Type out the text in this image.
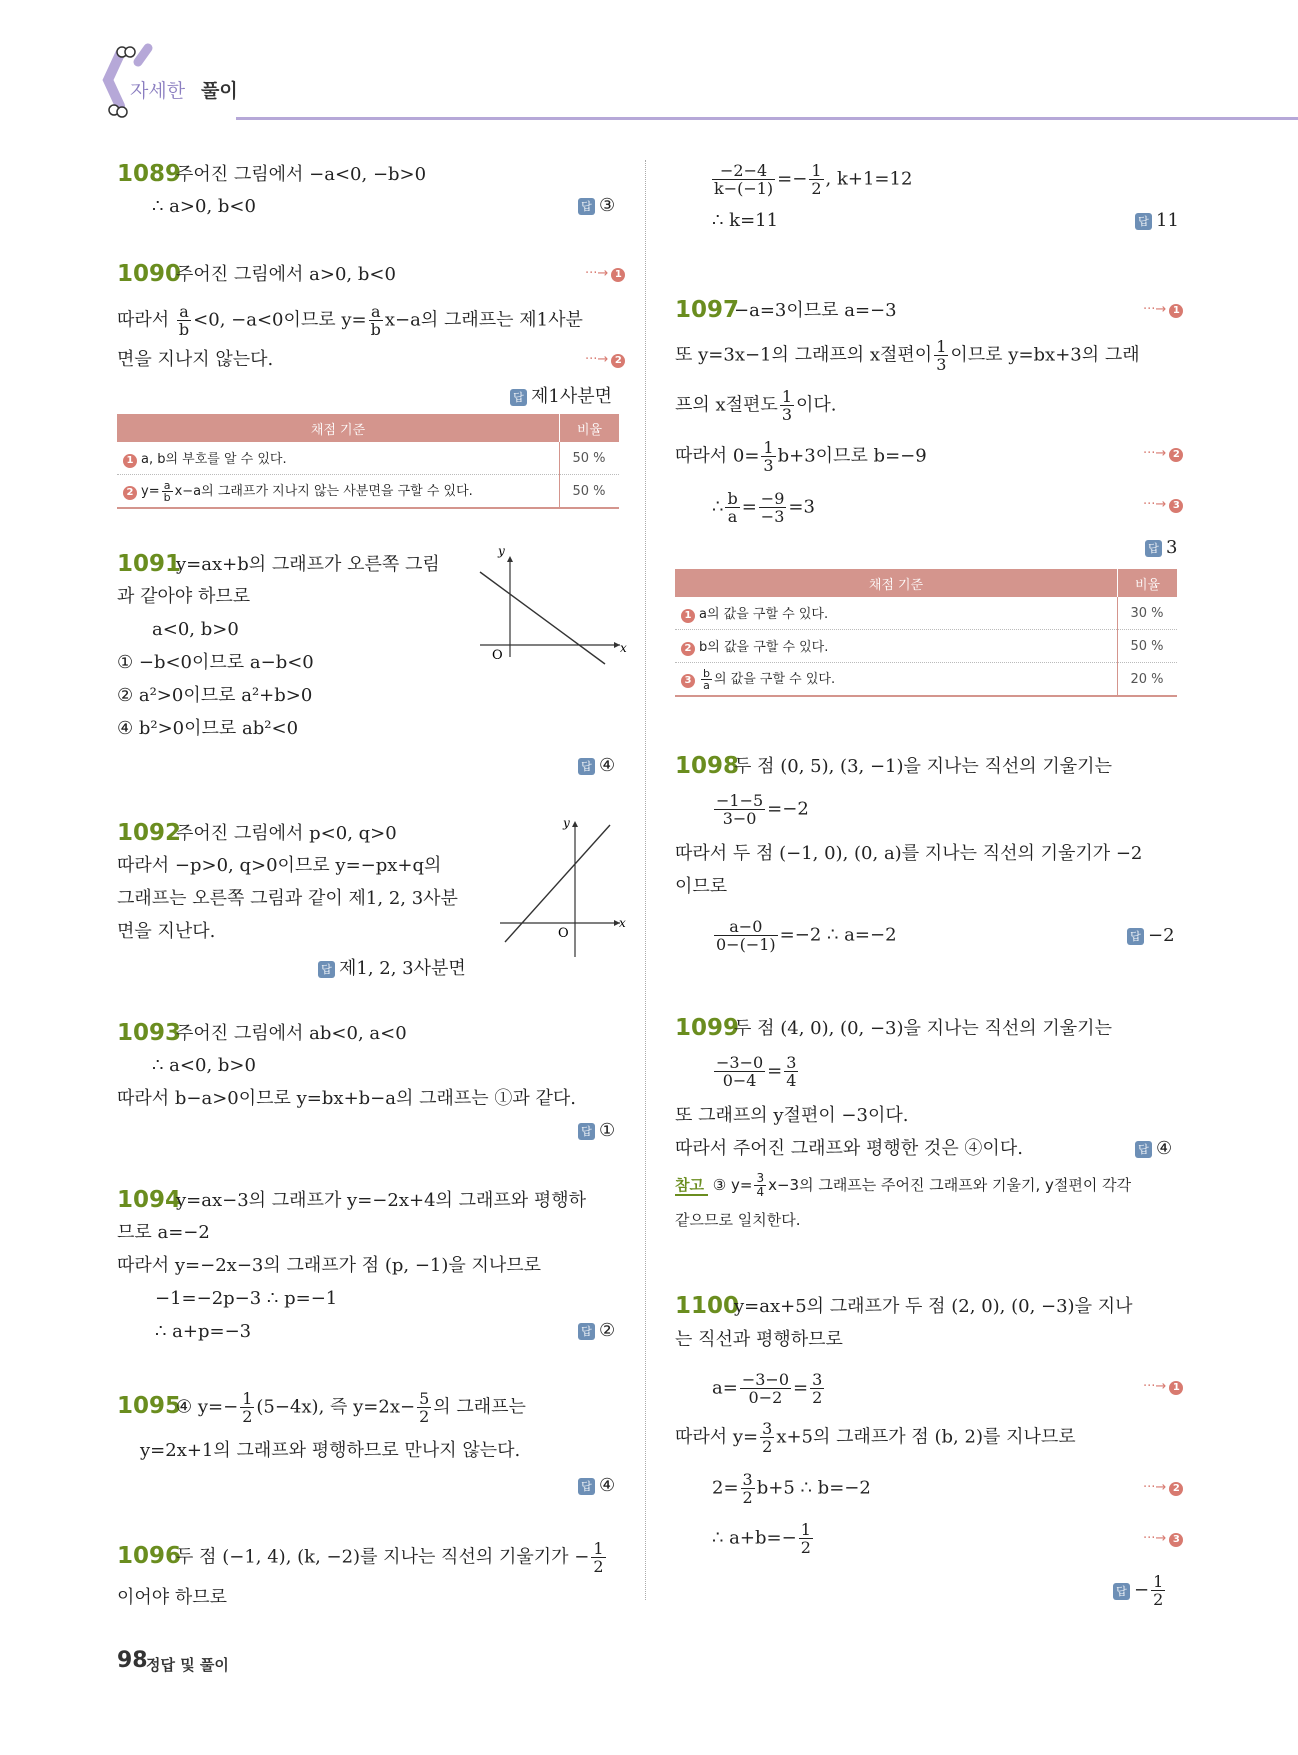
자세한 풀이
1089
주어진 그림에서 −a<0, −b>0
∴ a>0, b<0	답 ③
1090
주어진 그림에서 a>0, b<0	···→ 1
따라서 $\frac{a}{b} <0$, −a<0이므로 $y= \frac{a}{b} x-a$의 그래프는 제1사분
면을 지나지 않는다.	···→ 2
답 제1사분면
채점 기준	비율
1 a, b의 부호를 알 수 있다.	50 %
2 $y= \frac{a}{b} x-a$의 그래프가 지나지 않는 사분면을 구할 수 있다.	50 %
1091
y=ax+b의 그래프가 오른쪽 그림
과 같아야 하므로
a<0, b>0
① −b<0이므로 a−b<0
② a²>0이므로 a²+b>0
④ b²>0이므로 ab²<0
답 ④
y
x
O
1092
주어진 그림에서 p<0, q>0
따라서 −p>0, q>0이므로 y=−px+q의
그래프는 오른쪽 그림과 같이 제1, 2, 3사분
면을 지난다.
답 제1, 2, 3사분면
y
x
O
1093
주어진 그림에서 ab<0, a<0
∴ a<0, b>0
따라서 b−a>0이므로 y=bx+b−a의 그래프는 ①과 같다.
답 ①
1094
y=ax−3의 그래프가 y=−2x+4의 그래프와 평행하
므로 a=−2
따라서 y=−2x−3의 그래프가 점 (p, −1)을 지나므로
−1=−2p−3 ∴ p=−1
∴ a+p=−3	답 ②
1095
④ $y=- \frac{1}{2} (5-4x)$, 즉 $y=2x- \frac{5}{2}$ 의 그래프는
y=2x+1의 그래프와 평행하므로 만나지 않는다.
답 ④
1096
두 점 (−1, 4), (k, −2)를 지나는 직선의 기울기가 − $\frac{1}{2}$
이어야 하므로
$\frac{-2-4}{k-(-1)} =- \frac{1}{2}$ , k+1=12
∴ k=11	답 11
1097
−a=3이므로 a=−3	···→ 1
또 y=3x−1의 그래프의 x절편이 $\frac{1}{3}$ 이므로 y=bx+3의 그래
프의 x절편도 $\frac{1}{3}$ 이다.
따라서 $0= \frac{1}{3} b+3$이므로 b=−9	···→ 2
∴ $\frac{b}{a} = \frac{-9}{-3} =3$	···→ 3
답 3
채점 기준	비율
1 a의 값을 구할 수 있다.	30 %
2 b의 값을 구할 수 있다.	50 %
$3 \frac{b}{a}$ 의 값을 구할 수 있다.	20 %
1098
두 점 (0, 5), (3, −1)을 지나는 직선의 기울기는
$\frac{-1-5}{3-0} =-2$
따라서 두 점 (−1, 0), (0, a)를 지나는 직선의 기울기가 −2
이므로
$\frac{a-0}{0-(-1)} =-2$ ∴ a=−2	답 −2
1099
두 점 (4, 0), (0, −3)을 지나는 직선의 기울기는
$\frac{-3-0}{0-4} = \frac{3}{4}$
또 그래프의 y절편이 −3이다.
따라서 주어진 그래프와 평행한 것은 ④이다.	답 ④
참고 ③ $y= \frac{3}{4} x-3$의 그래프는 주어진 그래프와 기울기, y절편이 각각
같으므로 일치한다.
1100
y=ax+5의 그래프가 두 점 (2, 0), (0, −3)을 지나
는 직선과 평행하므로
$a= \frac{-3-0}{0-2} = \frac{3}{2}$	···→ 1
따라서 $y= \frac{3}{2} x+5$의 그래프가 점 (b, 2)를 지나므로
$2= \frac{3}{2} b+5$ ∴ b=−2	···→ 2
∴ $a+b=- \frac{1}{2}$	···→ 3
답 − $\frac{1}{2}$
98
정답 및 풀이
